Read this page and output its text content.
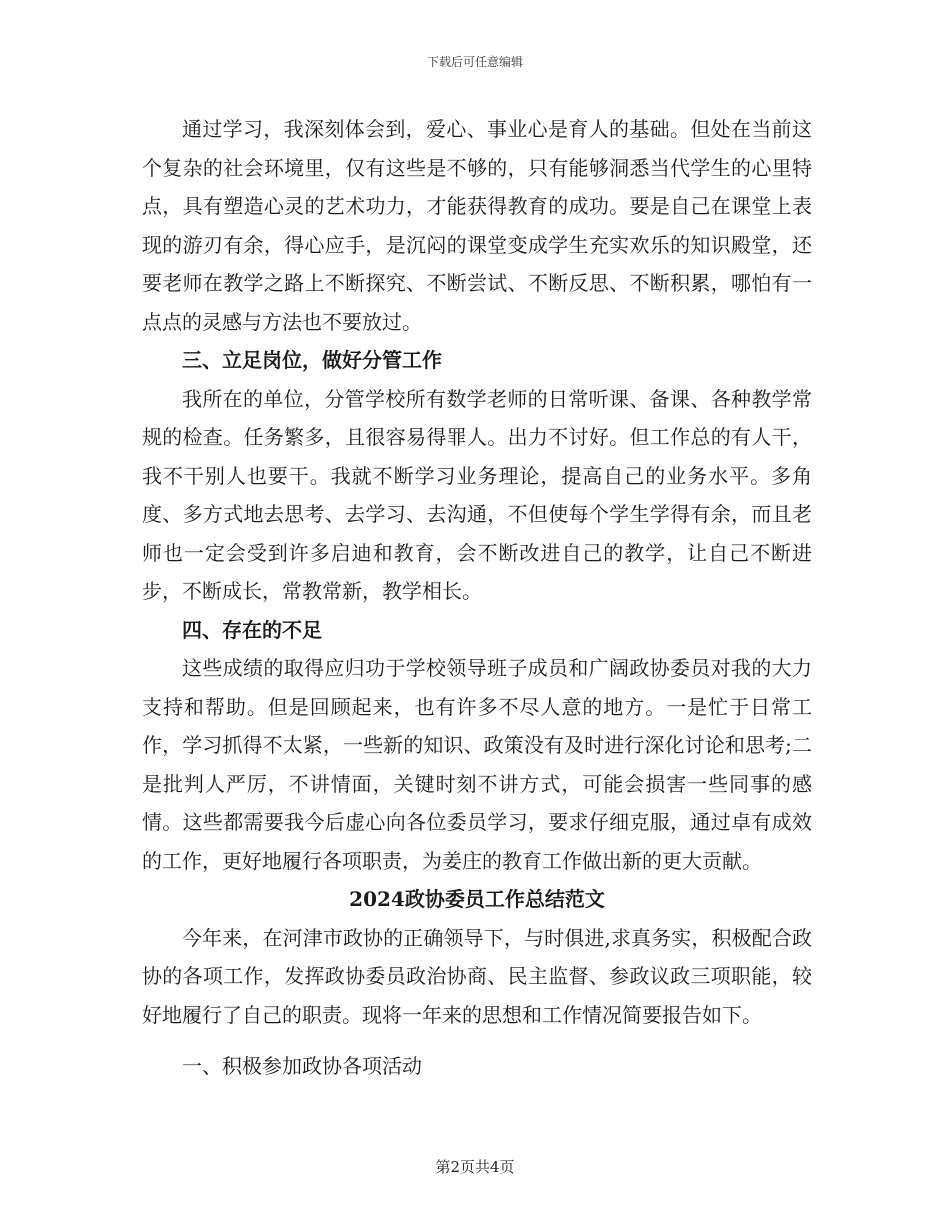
下载后可任意编辑

通过学习，我深刻体会到，爱心、事业心是育人的基础。但处在当前这个复杂的社会环境里，仅有这些是不够的，只有能够洞悉当代学生的心里特点，具有塑造心灵的艺术功力，才能获得教育的成功。要是自己在课堂上表现的游刃有余，得心应手，是沉闷的课堂变成学生充实欢乐的知识殿堂，还要老师在教学之路上不断探究、不断尝试、不断反思、不断积累，哪怕有一点点的灵感与方法也不要放过。

三、立足岗位，做好分管工作

我所在的单位，分管学校所有数学老师的日常听课、备课、各种教学常规的检查。任务繁多，且很容易得罪人。出力不讨好。但工作总的有人干，我不干别人也要干。我就不断学习业务理论，提高自己的业务水平。多角度、多方式地去思考、去学习、去沟通，不但使每个学生学得有余，而且老师也一定会受到许多启迪和教育，会不断改进自己的教学，让自己不断进步，不断成长，常教常新，教学相长。

四、存在的不足

这些成绩的取得应归功于学校领导班子成员和广阔政协委员对我的大力支持和帮助。但是回顾起来，也有许多不尽人意的地方。一是忙于日常工作，学习抓得不太紧，一些新的知识、政策没有及时进行深化讨论和思考;二是批判人严厉，不讲情面，关键时刻不讲方式，可能会损害一些同事的感情。这些都需要我今后虚心向各位委员学习，要求仔细克服，通过卓有成效的工作，更好地履行各项职责，为姜庄的教育工作做出新的更大贡献。

2024政协委员工作总结范文

今年来，在河津市政协的正确领导下，与时俱进,求真务实，积极配合政协的各项工作，发挥政协委员政治协商、民主监督、参政议政三项职能，较好地履行了自己的职责。现将一年来的思想和工作情况简要报告如下。

一、积极参加政协各项活动

第2页共4页
